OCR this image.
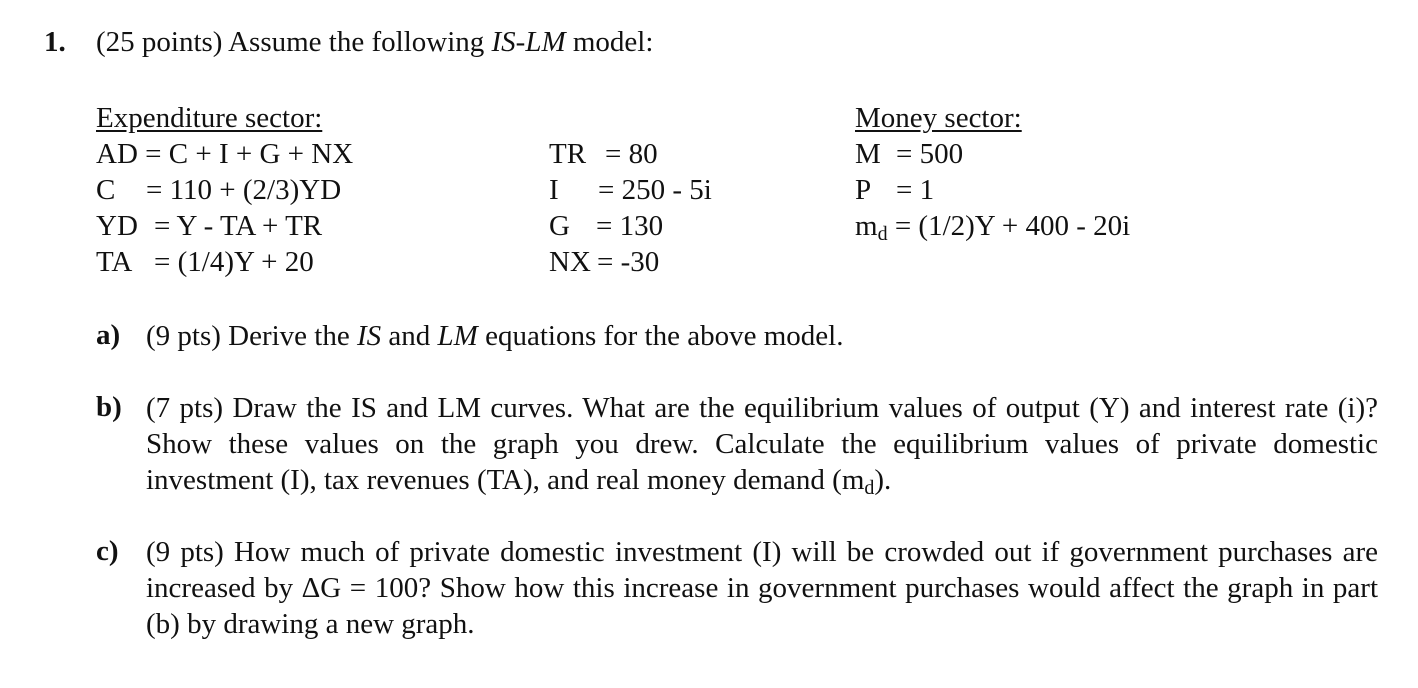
1. (25 points) Assume the following IS-LM model:
Expenditure sector:
AD = C + I + G + NX
C = 110 + (2/3)YD
YD = Y - TA + TR
TA = (1/4)Y + 20
TR = 80
I = 250 - 5i
G = 130
NX = -30
Money sector:
M = 500
P = 1
md = (1/2)Y + 400 - 20i
a) (9 pts) Derive the IS and LM equations for the above model.
b) (7 pts) Draw the IS and LM curves. What are the equilibrium values of output (Y) and interest rate (i)? Show these values on the graph you drew. Calculate the equilibrium values of private domestic investment (I), tax revenues (TA), and real money demand (md).
c) (9 pts) How much of private domestic investment (I) will be crowded out if government purchases are increased by ΔG = 100? Show how this increase in government purchases would affect the graph in part (b) by drawing a new graph.
